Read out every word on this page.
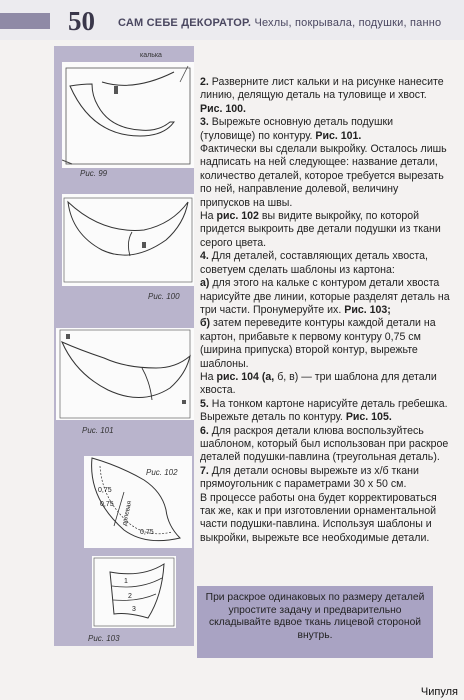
50 САМ СЕБЕ ДЕКОРАТОР. Чехлы, покрывала, подушки, панно
калька
Рис. 99
Рис. 100
Рис. 101
0,75
0,75
0,75
долевая
Рис. 102
1
2
3
Рис. 103

2. Разверните лист кальки и на рисунке нанесите линию, делящую деталь на туловище и хвост. Рис. 100.

3. Вырежьте основную деталь подушки (туловище) по контуру. Рис. 101.

Фактически вы сделали выкройку. Осталось лишь надписать на ней следующее: название детали, количество деталей, которое требуется вырезать по ней, направление долевой, величину припусков на швы.

На рис. 102 вы видите выкройку, по которой придется выкроить две детали подушки из ткани серого цвета.

4. Для деталей, составляющих деталь хвоста, советуем сделать шаблоны из картона:

а) для этого на кальке с контуром детали хвоста нарисуйте две линии, которые разделят деталь на три части. Пронумеруйте их. Рис. 103;

б) затем переведите контуры каждой детали на картон, прибавьте к первому контуру 0,75 см (ширина припуска) второй контур, вырежьте шаблоны.

На рис. 104 (а, б, в) — три шаблона для детали хвоста.

5. На тонком картоне нарисуйте деталь гребешка. Вырежьте деталь по контуру. Рис. 105.

6. Для раскроя детали клюва воспользуйтесь шаблоном, который был использован при раскрое деталей подушки-павлина (треугольная деталь).

7. Для детали основы вырежьте из х/б ткани прямоугольник с параметрами 30 х 50 см.

В процессе работы она будет корректироваться так же, как и при изготовлении орнаментальной части подушки-павлина. Используя шаблоны и выкройки, вырежьте все необходимые детали.

При раскрое одинаковых по размеру деталей упростите задачу и предварительно складывайте вдвое ткань лицевой стороной внутрь.
Чипуля
